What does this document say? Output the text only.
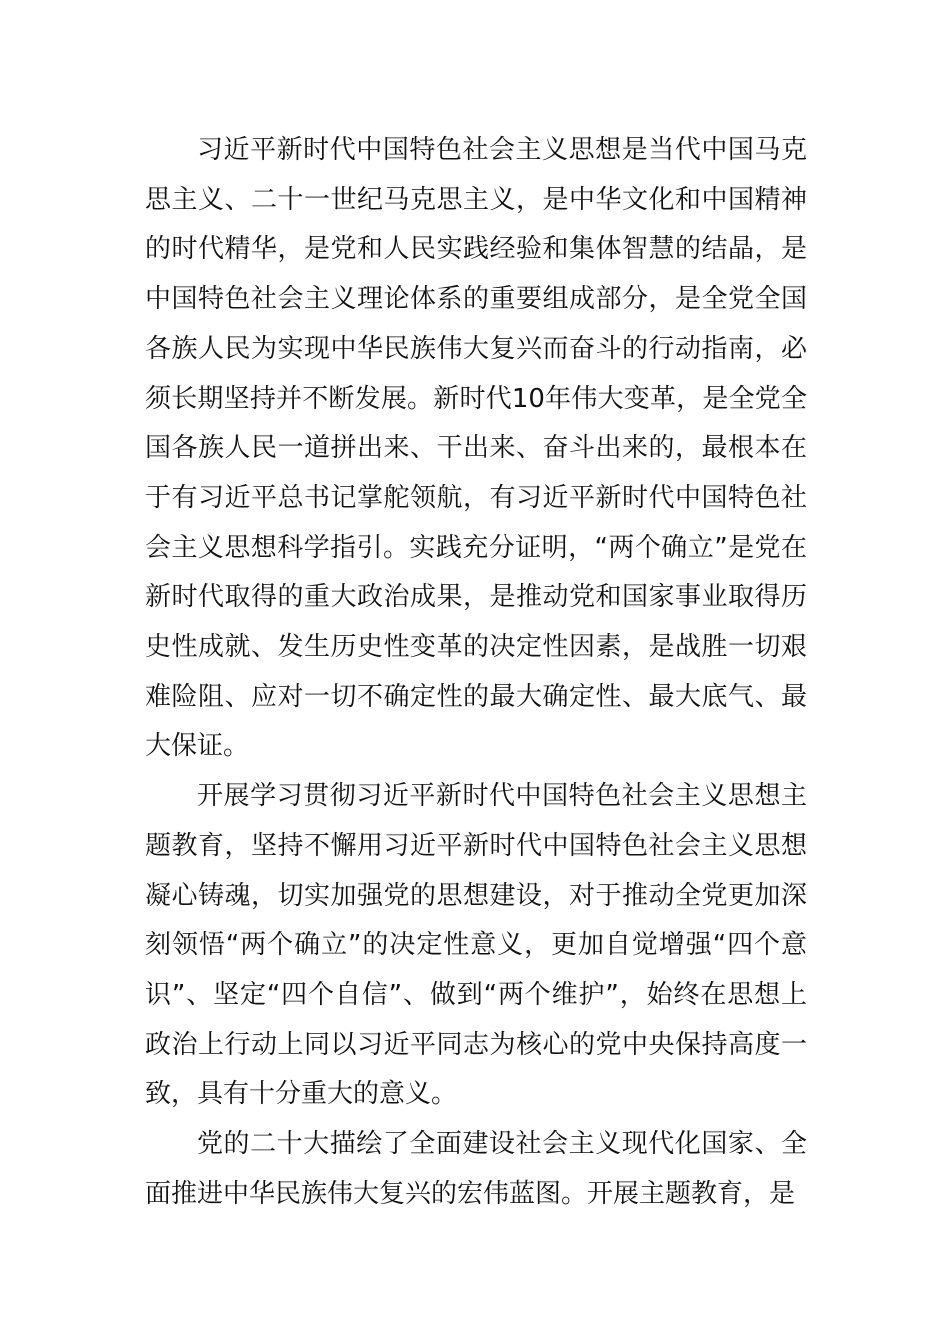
习近平新时代中国特色社会主义思想是当代中国马克思主义、二十一世纪马克思主义，是中华文化和中国精神的时代精华，是党和人民实践经验和集体智慧的结晶，是中国特色社会主义理论体系的重要组成部分，是全党全国各族人民为实现中华民族伟大复兴而奋斗的行动指南，必须长期坚持并不断发展。新时代10年伟大变革，是全党全国各族人民一道拼出来、干出来、奋斗出来的，最根本在于有习近平总书记掌舵领航，有习近平新时代中国特色社会主义思想科学指引。实践充分证明，“两个确立”是党在新时代取得的重大政治成果，是推动党和国家事业取得历史性成就、发生历史性变革的决定性因素，是战胜一切艰难险阻、应对一切不确定性的最大确定性、最大底气、最大保证。

开展学习贯彻习近平新时代中国特色社会主义思想主题教育，坚持不懈用习近平新时代中国特色社会主义思想凝心铸魂，切实加强党的思想建设，对于推动全党更加深刻领悟“两个确立”的决定性意义，更加自觉增强“四个意识”、坚定“四个自信”、做到“两个维护”，始终在思想上政治上行动上同以习近平同志为核心的党中央保持高度一致，具有十分重大的意义。

党的二十大描绘了全面建设社会主义现代化国家、全面推进中华民族伟大复兴的宏伟蓝图。开展主题教育，是
